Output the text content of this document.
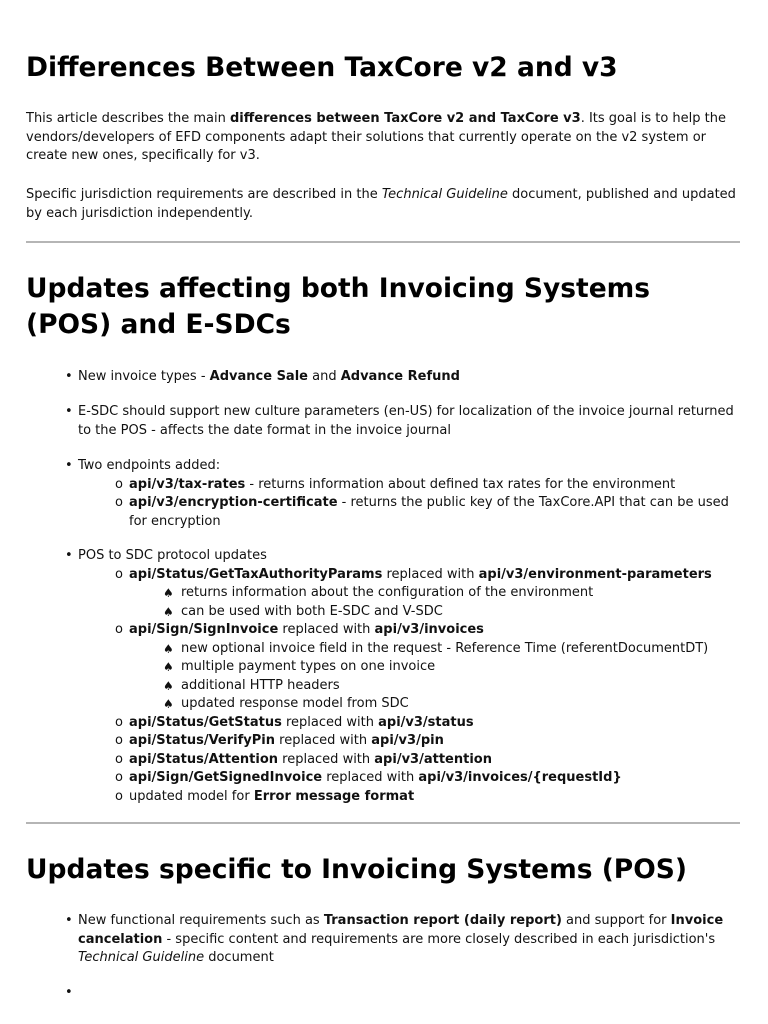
Differences Between TaxCore v2 and v3

This article describes the main differences between TaxCore v2 and TaxCore v3. Its goal is to help the vendors/developers of EFD components adapt their solutions that currently operate on the v2 system or create new ones, specifically for v3.

Specific jurisdiction requirements are described in the Technical Guideline document, published and updated by each jurisdiction independently.

Updates affecting both Invoicing Systems (POS) and E-SDCs
• New invoice types - Advance Sale and Advance Refund
• E-SDC should support new culture parameters (en-US) for localization of the invoice journal returned to the POS - affects the date format in the invoice journal
• Two endpoints added:
o api/v3/tax-rates - returns information about defined tax rates for the environment
o api/v3/encryption-certificate - returns the public key of the TaxCore.API that can be used for encryption
• POS to SDC protocol updates
o api/Status/GetTaxAuthorityParams replaced with api/v3/environment-parameters
♠ returns information about the configuration of the environment
♠ can be used with both E-SDC and V-SDC
o api/Sign/SignInvoice replaced with api/v3/invoices
♠ new optional invoice field in the request - Reference Time (referentDocumentDT)
♠ multiple payment types on one invoice
♠ additional HTTP headers
♠ updated response model from SDC
o api/Status/GetStatus replaced with api/v3/status
o api/Status/VerifyPin replaced with api/v3/pin
o api/Status/Attention replaced with api/v3/attention
o api/Sign/GetSignedInvoice replaced with api/v3/invoices/{requestId}
o updated model for Error message format
Updates specific to Invoicing Systems (POS)
• New functional requirements such as Transaction report (daily report) and support for Invoice cancelation - specific content and requirements are more closely described in each jurisdiction's Technical Guideline document
•
